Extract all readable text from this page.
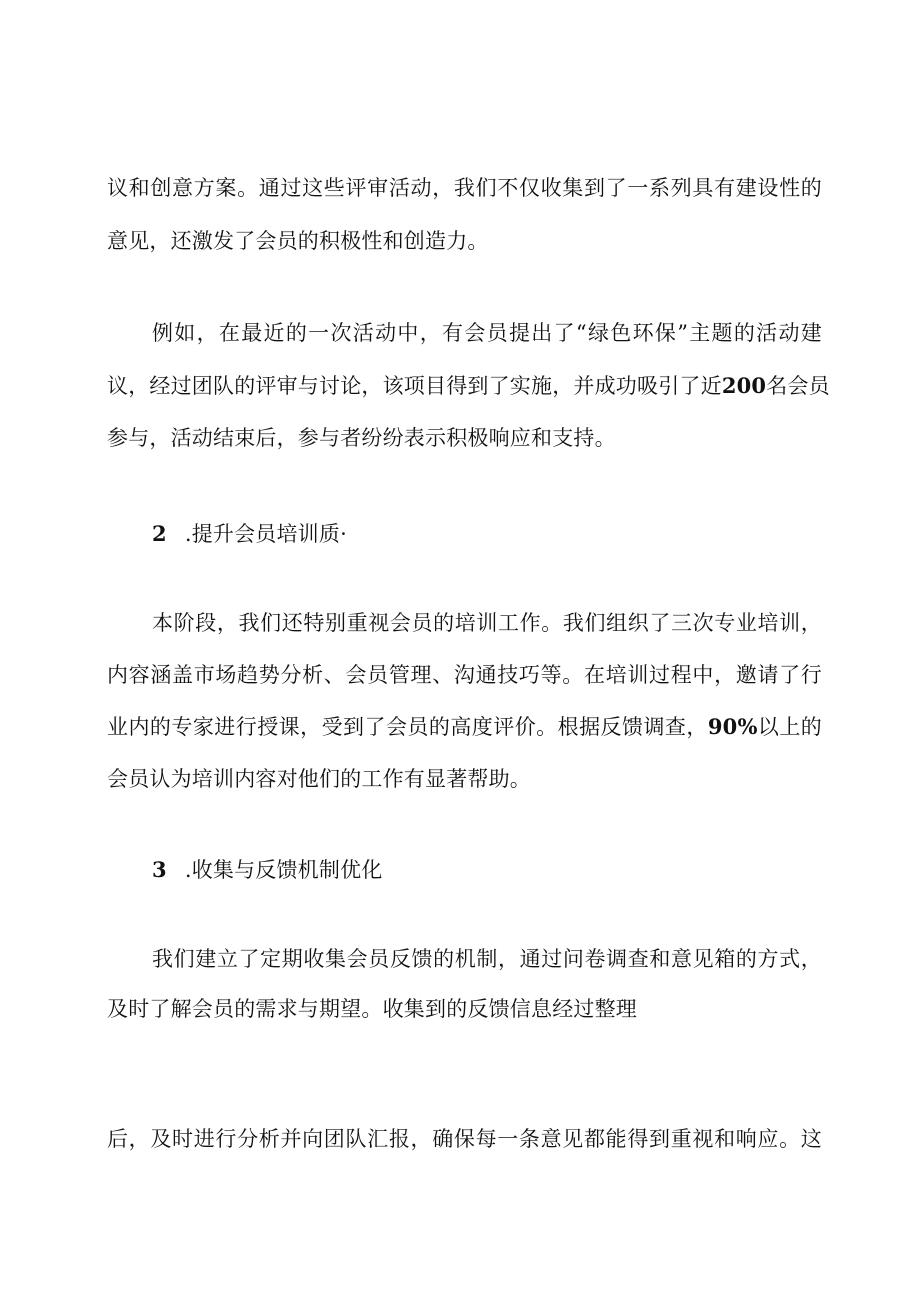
议和创意方案。通过这些评审活动，我们不仅收集到了一系列具有建设性的
意见，还激发了会员的积极性和创造力。
例如，在最近的一次活动中，有会员提出了“绿色环保”主题的活动建
议，经过团队的评审与讨论，该项目得到了实施，并成功吸引了近200名会员
参与，活动结束后，参与者纷纷表示积极响应和支持。
2 .提升会员培训质·
本阶段，我们还特别重视会员的培训工作。我们组织了三次专业培训，
内容涵盖市场趋势分析、会员管理、沟通技巧等。在培训过程中，邀请了行
业内的专家进行授课，受到了会员的高度评价。根据反馈调查，90%以上的
会员认为培训内容对他们的工作有显著帮助。
3 .收集与反馈机制优化
我们建立了定期收集会员反馈的机制，通过问卷调查和意见箱的方式，
及时了解会员的需求与期望。收集到的反馈信息经过整理
后，及时进行分析并向团队汇报，确保每一条意见都能得到重视和响应。这
